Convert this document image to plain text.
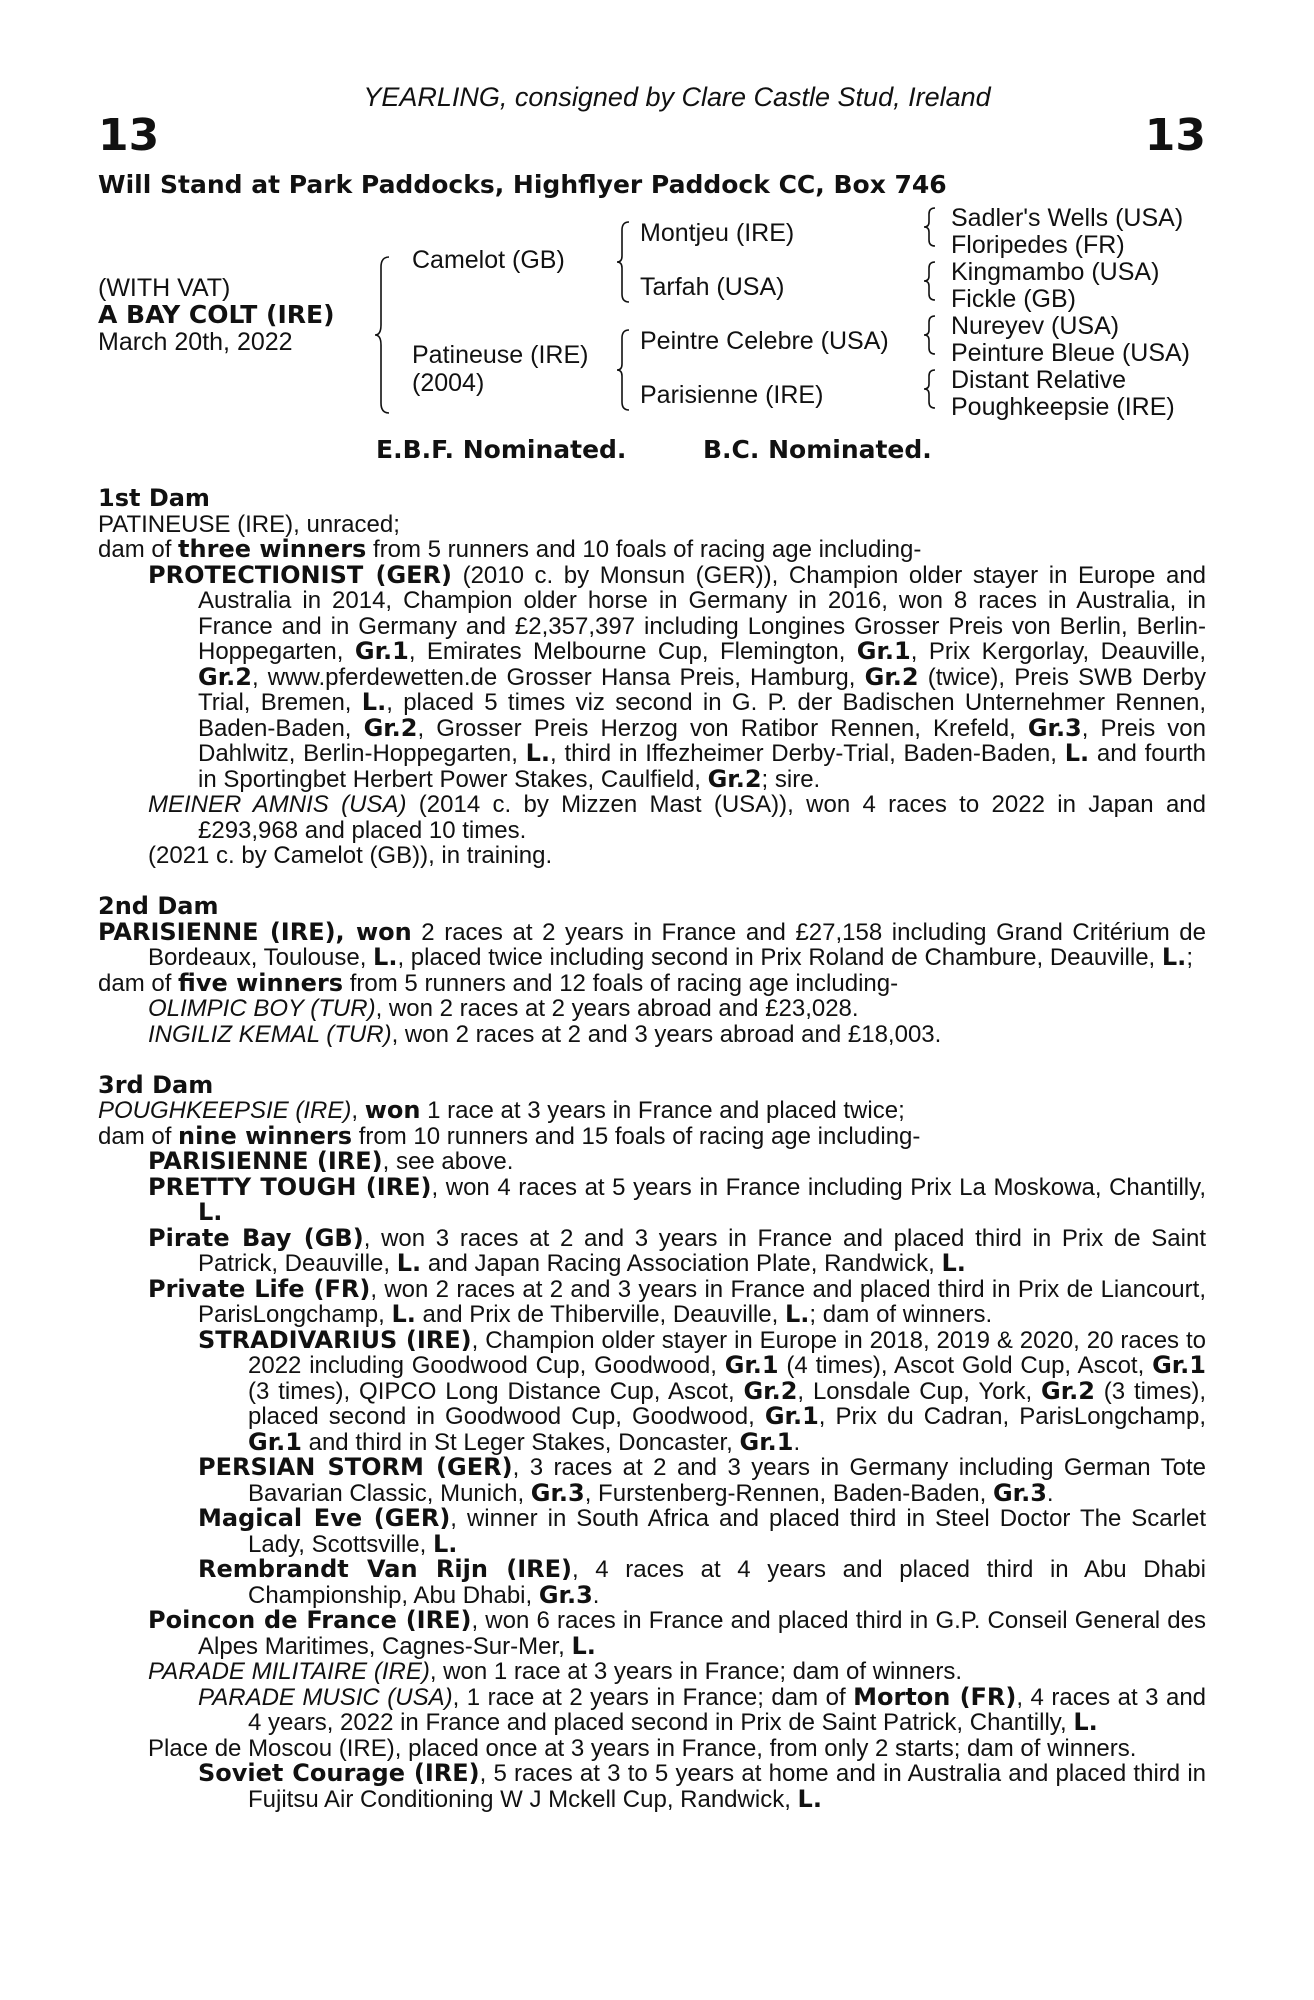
YEARLING, consigned by Clare Castle Stud, Ireland
13	13
Will Stand at Park Paddocks, Highflyer Paddock CC, Box 746
(WITH VAT)
A BAY COLT (IRE)
March 20th, 2022
Camelot (GB)
Patineuse (IRE)
(2004)
Montjeu (IRE)
Tarfah (USA)
Peintre Celebre (USA)
Parisienne (IRE)
Sadler's Wells (USA)
Floripedes (FR)
Kingmambo (USA)
Fickle (GB)
Nureyev (USA)
Peinture Bleue (USA)
Distant Relative
Poughkeepsie (IRE)
E.B.F. Nominated.	B.C. Nominated.

1st Dam

PATINEUSE (IRE), unraced;

dam of three winners from 5 runners and 10 foals of racing age including-

PROTECTIONIST (GER) (2010 c. by Monsun (GER)), Champion older stayer in Europe and Australia in 2014, Champion older horse in Germany in 2016, won 8 races in Australia, in France and in Germany and £2,357,397 including Longines Grosser Preis von Berlin, Berlin-Hoppegarten, Gr.1, Emirates Melbourne Cup, Flemington, Gr.1, Prix Kergorlay, Deauville, Gr.2, www.pferdewetten.de Grosser Hansa Preis, Hamburg, Gr.2 (twice), Preis SWB Derby Trial, Bremen, L., placed 5 times viz second in G. P. der Badischen Unternehmer Rennen, Baden-Baden, Gr.2, Grosser Preis Herzog von Ratibor Rennen, Krefeld, Gr.3, Preis von Dahlwitz, Berlin-Hoppegarten, L., third in Iffezheimer Derby-Trial, Baden-Baden, L. and fourth in Sportingbet Herbert Power Stakes, Caulfield, Gr.2; sire.

MEINER AMNIS (USA) (2014 c. by Mizzen Mast (USA)), won 4 races to 2022 in Japan and £293,968 and placed 10 times.

(2021 c. by Camelot (GB)), in training.

2nd Dam

PARISIENNE (IRE), won 2 races at 2 years in France and £27,158 including Grand Critérium de Bordeaux, Toulouse, L., placed twice including second in Prix Roland de Chambure, Deauville, L.;

dam of five winners from 5 runners and 12 foals of racing age including-

OLIMPIC BOY (TUR), won 2 races at 2 years abroad and £23,028.

INGILIZ KEMAL (TUR), won 2 races at 2 and 3 years abroad and £18,003.

3rd Dam

POUGHKEEPSIE (IRE), won 1 race at 3 years in France and placed twice;

dam of nine winners from 10 runners and 15 foals of racing age including-

PARISIENNE (IRE), see above.

PRETTY TOUGH (IRE), won 4 races at 5 years in France including Prix La Moskowa, Chantilly, L.

Pirate Bay (GB), won 3 races at 2 and 3 years in France and placed third in Prix de Saint Patrick, Deauville, L. and Japan Racing Association Plate, Randwick, L.

Private Life (FR), won 2 races at 2 and 3 years in France and placed third in Prix de Liancourt, ParisLongchamp, L. and Prix de Thiberville, Deauville, L.; dam of winners.

STRADIVARIUS (IRE), Champion older stayer in Europe in 2018, 2019 & 2020, 20 races to 2022 including Goodwood Cup, Goodwood, Gr.1 (4 times), Ascot Gold Cup, Ascot, Gr.1 (3 times), QIPCO Long Distance Cup, Ascot, Gr.2, Lonsdale Cup, York, Gr.2 (3 times), placed second in Goodwood Cup, Goodwood, Gr.1, Prix du Cadran, ParisLongchamp, Gr.1 and third in St Leger Stakes, Doncaster, Gr.1.

PERSIAN STORM (GER), 3 races at 2 and 3 years in Germany including German Tote Bavarian Classic, Munich, Gr.3, Furstenberg-Rennen, Baden-Baden, Gr.3.

Magical Eve (GER), winner in South Africa and placed third in Steel Doctor The Scarlet Lady, Scottsville, L.

Rembrandt Van Rijn (IRE), 4 races at 4 years and placed third in Abu Dhabi Championship, Abu Dhabi, Gr.3.

Poincon de France (IRE), won 6 races in France and placed third in G.P. Conseil General des Alpes Maritimes, Cagnes-Sur-Mer, L.

PARADE MILITAIRE (IRE), won 1 race at 3 years in France; dam of winners.

PARADE MUSIC (USA), 1 race at 2 years in France; dam of Morton (FR), 4 races at 3 and 4 years, 2022 in France and placed second in Prix de Saint Patrick, Chantilly, L.

Place de Moscou (IRE), placed once at 3 years in France, from only 2 starts; dam of winners.

Soviet Courage (IRE), 5 races at 3 to 5 years at home and in Australia and placed third in Fujitsu Air Conditioning W J Mckell Cup, Randwick, L.
